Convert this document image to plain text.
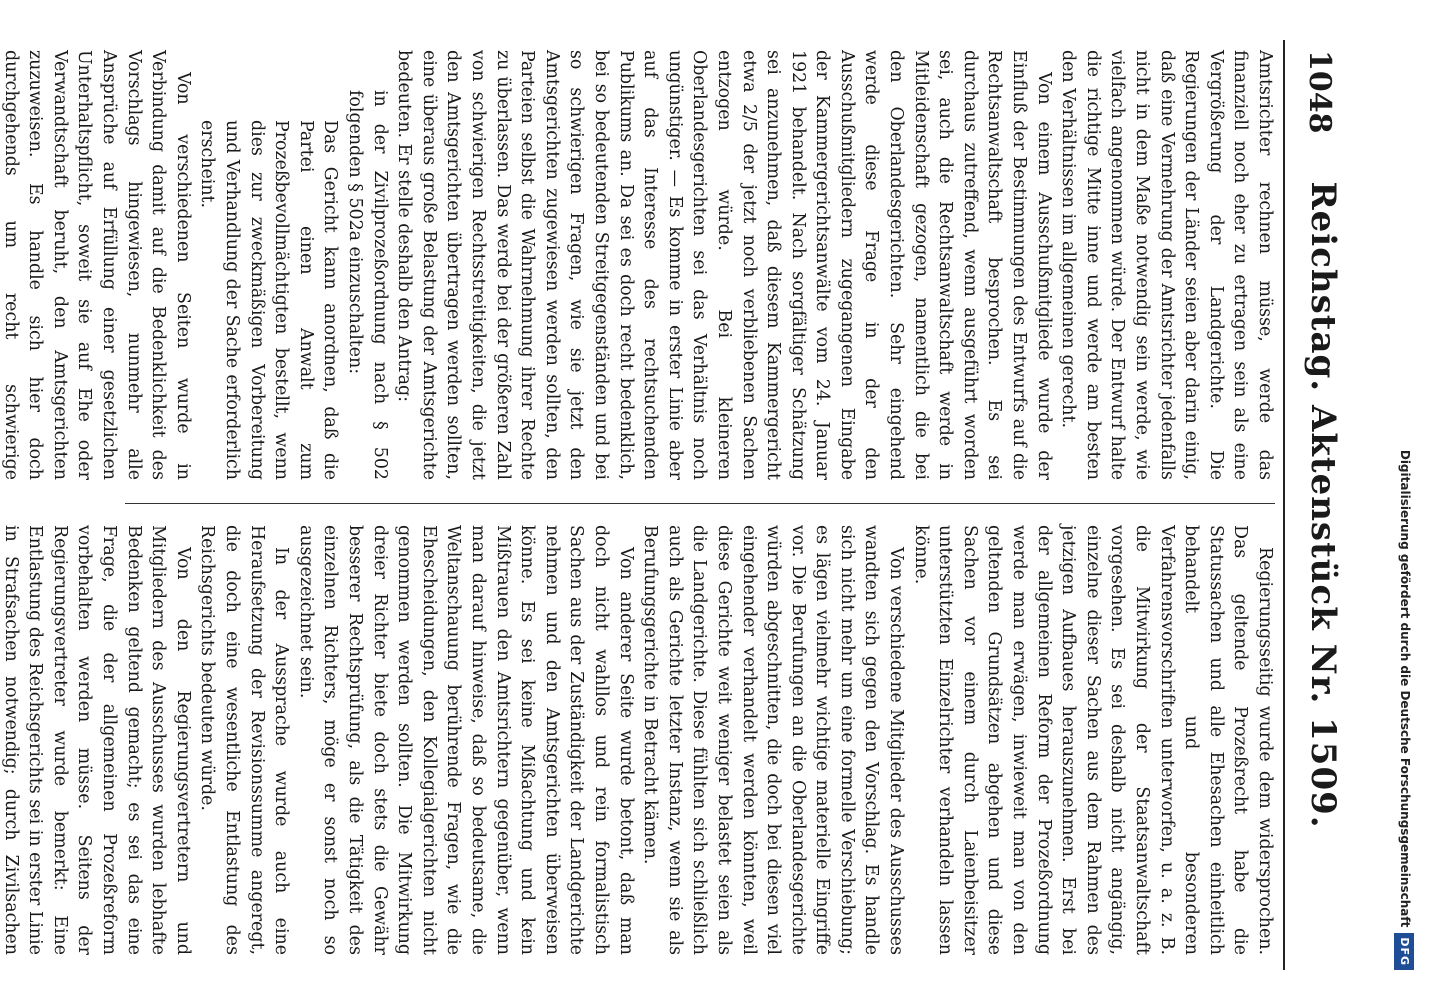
1048
Reichstag. Aktenstück Nr. 1509.

Amtsrichter rechnen müsse, werde das finanziell noch eher zu ertragen sein als eine Vergrößerung der Landgerichte. Die Regierungen der Länder seien aber darin einig, daß eine Vermehrung der Amtsrichter jedenfalls nicht in dem Maße notwendig sein werde, wie vielfach angenommen würde. Der Entwurf halte die richtige Mitte inne und werde am besten den Verhältnissen im allgemeinen gerecht.

Von einem Ausschußmitgliede wurde der Einfluß der Bestimmungen des Entwurfs auf die Rechtsanwaltschaft besprochen. Es sei durchaus zutreffend, wenn ausgeführt worden sei, auch die Rechtsanwaltschaft werde in Mitleidenschaft gezogen, namentlich die bei den Oberlandesgerichten. Sehr eingehend werde diese Frage in der den Ausschußmitgliedern zugegangenen Eingabe der Kammergerichtsanwälte vom 24. Januar 1921 behandelt. Nach sorgfältiger Schätzung sei anzunehmen, daß diesem Kammergericht etwa 2/5 der jetzt noch verbliebenen Sachen entzogen würde. Bei kleineren Oberlandesgerichten sei das Verhältnis noch ungünstiger. — Es komme in erster Linie aber auf das Interesse des rechtsuchenden Publikums an. Da sei es doch recht bedenklich, bei so bedeutenden Streitgegenständen und bei so schwierigen Fragen, wie sie jetzt den Amtsgerichten zugewiesen werden sollten, den Parteien selbst die Wahrnehmung ihrer Rechte zu überlassen. Das werde bei der größeren Zahl von schwierigen Rechtsstreitigkeiten, die jetzt den Amtsgerichten übertragen werden sollten, eine überaus große Belastung der Amtsgerichte bedeuten. Er stelle deshalb den Antrag:

in der Zivilprozeßordnung nach § 502 folgenden § 502a einzuschalten:

Das Gericht kann anordnen, daß die Partei einen Anwalt zum Prozeßbevollmächtigten bestellt, wenn dies zur zweckmäßigen Vorbereitung und Verhandlung der Sache erforderlich erscheint.

Von verschiedenen Seiten wurde in Verbindung damit auf die Bedenklichkeit des Vorschlags hingewiesen, nunmehr alle Ansprüche auf Erfüllung einer gesetzlichen Unterhaltspflicht, soweit sie auf Ehe oder Verwandtschaft beruht, den Amtsgerichten zuzuweisen. Es handle sich hier doch durchgehends um recht schwierige

Regierungsseitig wurde dem widersprochen. Das geltende Prozeßrecht habe die Statussachen und alle Ehesachen einheitlich behandelt und besonderen Verfahrensvorschriften unterworfen, u. a. z. B. die Mitwirkung der Staatsanwaltschaft vorgesehen. Es sei deshalb nicht angängig, einzelne dieser Sachen aus dem Rahmen des jetzigen Aufbaues herauszunehmen. Erst bei der allgemeinen Reform der Prozeßordnung werde man erwägen, inwieweit man von den geltenden Grundsätzen abgehen und diese Sachen vor einem durch Laienbeisitzer unterstützten Einzelrichter verhandeln lassen könne.

Von verschiedene Mitglieder des Ausschusses wandten sich gegen den Vorschlag. Es handle sich nicht mehr um eine formelle Verschiebung; es lägen vielmehr wichtige materielle Eingriffe vor. Die Berufungen an die Oberlandesgerichte würden abgeschnitten, die doch bei diesen viel eingehender verhandelt werden könnten, weil diese Gerichte weit weniger belastet seien als die Landgerichte. Diese fühlten sich schließlich auch als Gerichte letzter Instanz, wenn sie als Berufungsgerichte in Betracht kämen.

Von anderer Seite wurde betont, daß man doch nicht wahllos und rein formalistisch Sachen aus der Zuständigkeit der Landgerichte nehmen und den Amtsgerichten überweisen könne. Es sei keine Mißachtung und kein Mißtrauen den Amtsrichtern gegenüber, wenn man darauf hinweise, daß so bedeutsame, die Weltanschauung berührende Fragen, wie die Ehescheidungen, den Kollegialgerichten nicht genommen werden sollten. Die Mitwirkung dreier Richter biete doch stets die Gewähr besserer Rechtsprüfung, als die Tätigkeit des einzelnen Richters, möge er sonst noch so ausgezeichnet sein.

In der Aussprache wurde auch eine Heraufsetzung der Revisionssumme angeregt, die doch eine wesentliche Entlastung des Reichsgerichts bedeuten würde.

Von den Regierungsvertretern und Mitgliedern des Ausschusses wurden lebhafte Bedenken geltend gemacht; es sei das eine Frage, die der allgemeinen Prozeßreform vorbehalten werden müsse. Seitens der Regierungsvertreter wurde bemerkt: Eine Entlastung des Reichsgerichts sei in erster Linie in Strafsachen notwendig; durch Zivilsachen	Digitalisierung gefördert durch die Deutsche ForschungsgemeinschaftDFG
